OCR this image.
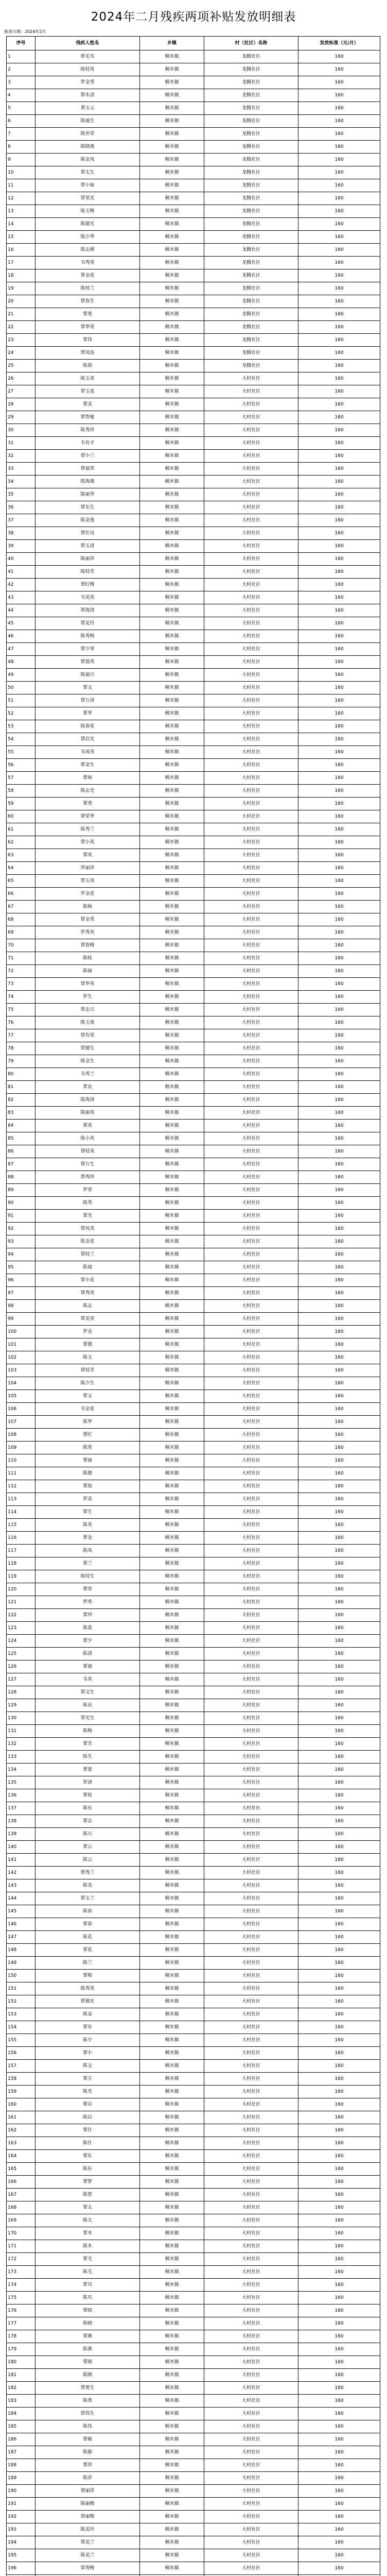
2024年二月残疾两项补贴发放明细表
制表日期：2024年2月
序号	残疾人姓名	乡镇	村（社区）名称	发放标准（元/月）
1	覃毛耳	桐木镇	龙腾社区	160
2	陈桂英	桐木镇	龙腾社区	160
3	罗金秀	桐木镇	龙腾社区	160
4	覃木清	桐木镇	龙腾社区	160
5	黄玉云	桐木镇	龙腾社区	160
6	陈福生	桐木镇	龙腾社区	160
7	陈世荣	桐木镇	龙腾社区	160
8	陈晓燕	桐木镇	龙腾社区	160
9	陈金凤	桐木镇	龙腾社区	160
10	覃太生	桐木镇	龙腾社区	160
11	覃小妹	桐木镇	龙腾社区	160
12	覃荣光	桐木镇	龙腾社区	160
13	陈玉梅	桐木镇	龙腾社区	160
14	陈德光	桐木镇	龙腾社区	160
15	陈少华	桐木镇	龙腾社区	160
16	陈志刚	桐木镇	龙腾社区	160
17	韦秀英	桐木镇	龙腾社区	160
18	覃金花	桐木镇	龙腾社区	160
19	陈桂兰	桐木镇	龙腾社区	160
20	覃春生	桐木镇	龙腾社区	160
21	覃勇	桐木镇	龙腾社区	160
22	覃华英	桐木镇	龙腾社区	160
23	覃伟	桐木镇	龙腾社区	160
24	覃凤连	桐木镇	龙腾社区	160
25	陈海	桐木镇	龙腾社区	160
26	陈玉英	桐木镇	大村社区	160
27	覃玉连	桐木镇	大村社区	160
28	覃美	桐木镇	大村社区	160
29	覃智敏	桐木镇	大村社区	160
30	陈秀珍	桐木镇	大村社区	160
31	韦有才	桐木镇	大村社区	160
32	覃小兰	桐木镇	大村社区	160
33	覃福荣	桐木镇	大村社区	160
34	陈海燕	桐木镇	大村社区	160
35	陈丽华	桐木镇	大村社区	160
36	覃东生	桐木镇	大村社区	160
37	陈金莲	桐木镇	大村社区	160
38	覃仕良	桐木镇	大村社区	160
39	覃玉清	桐木镇	大村社区	160
40	陈丽萍	桐木镇	大村社区	160
41	陈桂芳	桐木镇	大村社区	160
42	覃红梅	桐木镇	大村社区	160
43	韦美英	桐木镇	大村社区	160
44	覃海清	桐木镇	大村社区	160
45	覃美玲	桐木镇	大村社区	160
46	陈秀梅	桐木镇	大村社区	160
47	覃少荣	桐木镇	大村社区	160
48	覃莲英	桐木镇	大村社区	160
49	陈福兴	桐木镇	大村社区	160
50	覃文	桐木镇	大村社区	160
51	覃万清	桐木镇	大村社区	160
52	覃华	桐木镇	大村社区	160
53	陈春花	桐木镇	大村社区	160
54	覃启光	桐木镇	大村社区	160
55	韦凤英	桐木镇	大村社区	160
56	覃金生	桐木镇	大村社区	160
57	覃妹	桐木镇	大村社区	160
58	陈志光	桐木镇	大村社区	160
59	覃秀	桐木镇	大村社区	160
60	覃荣华	桐木镇	大村社区	160
61	陈秀兰	桐木镇	大村社区	160
62	覃小英	桐木镇	大村社区	160
63	覃凤	桐木镇	大村社区	160
64	罗丽萍	桐木镇	大村社区	160
65	覃玉凤	桐木镇	大村社区	160
66	罗金花	桐木镇	大村社区	160
67	陈妹	桐木镇	大村社区	160
68	覃金秀	桐木镇	大村社区	160
69	罗秀英	桐木镇	大村社区	160
70	覃春梅	桐木镇	大村社区	160
71	陈桂	桐木镇	大村社区	160
72	陈丽	桐木镇	大村社区	160
73	覃华英	桐木镇	大村社区	160
74	罗生	桐木镇	大村社区	160
75	覃志兴	桐木镇	大村社区	160
76	陈玉莲	桐木镇	大村社区	160
77	覃有荣	桐木镇	大村社区	160
78	覃德生	桐木镇	大村社区	160
79	陈金生	桐木镇	大村社区	160
80	韦秀兰	桐木镇	大村社区	160
81	覃良	桐木镇	大村社区	160
82	陈海清	桐木镇	大村社区	160
83	陈丽英	桐木镇	大村社区	160
84	覃英	桐木镇	大村社区	160
85	陈小英	桐木镇	大村社区	160
86	覃桂英	桐木镇	大村社区	160
87	覃万生	桐木镇	大村社区	160
88	覃秀珍	桐木镇	大村社区	160
89	罗荣	桐木镇	大村社区	160
90	陈秀	桐木镇	大村社区	160
91	覃光	桐木镇	大村社区	160
92	覃凤英	桐木镇	大村社区	160
93	陈金花	桐木镇	大村社区	160
94	覃桂兰	桐木镇	大村社区	160
95	陈福	桐木镇	大村社区	160
96	覃小花	桐木镇	大村社区	160
97	覃秀英	桐木镇	大村社区	160
98	陈志	桐木镇	大村社区	160
99	覃美英	桐木镇	大村社区	160
100	罗金	桐木镇	大村社区	160
101	覃德	桐木镇	大村社区	160
102	陈玉	桐木镇	大村社区	160
103	覃桂芳	桐木镇	大村社区	160
104	陈少生	桐木镇	大村社区	160
105	覃玉	桐木镇	大村社区	160
106	韦金花	桐木镇	大村社区	160
107	陈华	桐木镇	大村社区	160
108	覃红	桐木镇	大村社区	160
109	陈荣	桐木镇	大村社区	160
110	覃丽	桐木镇	大村社区	160
111	陈德	桐木镇	大村社区	160
112	覃海	桐木镇	大村社区	160
113	罗美	桐木镇	大村社区	160
114	覃生	桐木镇	大村社区	160
115	陈英	桐木镇	大村社区	160
116	覃金	桐木镇	大村社区	160
117	陈凤	桐木镇	大村社区	160
118	覃兰	桐木镇	大村社区	160
119	陈桂生	桐木镇	大村社区	160
120	覃荣	桐木镇	大村社区	160
121	罗秀	桐木镇	大村社区	160
122	覃珍	桐木镇	大村社区	160
123	陈莲	桐木镇	大村社区	160
124	覃少	桐木镇	大村社区	160
125	陈清	桐木镇	大村社区	160
126	覃福	桐木镇	大村社区	160
127	韦英	桐木镇	大村社区	160
128	覃文生	桐木镇	大村社区	160
129	陈良	桐木镇	大村社区	160
130	覃光生	桐木镇	大村社区	160
131	陈梅	桐木镇	大村社区	160
132	覃芳	桐木镇	大村社区	160
133	陈生	桐木镇	大村社区	160
134	覃莲	桐木镇	大村社区	160
135	罗清	桐木镇	大村社区	160
136	覃桂	桐木镇	大村社区	160
137	陈有	桐木镇	大村社区	160
138	覃志	桐木镇	大村社区	160
139	陈兴	桐木镇	大村社区	160
140	覃云	桐木镇	大村社区	160
141	陈云	桐木镇	大村社区	160
142	覃秀兰	桐木镇	大村社区	160
143	陈美	桐木镇	大村社区	160
144	覃玉兰	桐木镇	大村社区	160
145	陈春	桐木镇	大村社区	160
146	覃春	桐木镇	大村社区	160
147	陈花	桐木镇	大村社区	160
148	覃花	桐木镇	大村社区	160
149	陈兰	桐木镇	大村社区	160
150	覃梅	桐木镇	大村社区	160
151	陈秀英	桐木镇	大村社区	160
152	覃德光	桐木镇	大村社区	160
153	陈金	桐木镇	大村社区	160
154	覃有	桐木镇	大村社区	160
155	陈少	桐木镇	大村社区	160
156	覃小	桐木镇	大村社区	160
157	陈文	桐木镇	大村社区	160
158	覃万	桐木镇	大村社区	160
159	陈光	桐木镇	大村社区	160
160	覃启	桐木镇	大村社区	160
161	陈启	桐木镇	大村社区	160
162	覃仕	桐木镇	大村社区	160
163	陈仕	桐木镇	大村社区	160
164	覃东	桐木镇	大村社区	160
165	陈东	桐木镇	大村社区	160
166	覃智	桐木镇	大村社区	160
167	陈智	桐木镇	大村社区	160
168	覃太	桐木镇	大村社区	160
169	陈太	桐木镇	大村社区	160
170	覃木	桐木镇	大村社区	160
171	陈木	桐木镇	大村社区	160
172	覃毛	桐木镇	大村社区	160
173	陈毛	桐木镇	大村社区	160
174	覃耳	桐木镇	大村社区	160
175	陈耳	桐木镇	大村社区	160
176	覃晓	桐木镇	大村社区	160
177	陈晓	桐木镇	大村社区	160
178	覃燕	桐木镇	大村社区	160
179	陈燕	桐木镇	大村社区	160
180	覃刚	桐木镇	大村社区	160
181	陈刚	桐木镇	大村社区	160
182	覃勇生	桐木镇	大村社区	160
183	陈勇	桐木镇	大村社区	160
184	覃伟生	桐木镇	大村社区	160
185	陈伟	桐木镇	大村社区	160
186	覃敏	桐木镇	大村社区	160
187	陈敏	桐木镇	大村社区	160
188	覃萍	桐木镇	大村社区	160
189	陈萍	桐木镇	大村社区	160
190	覃丽萍	桐木镇	大村社区	160
191	陈丽梅	桐木镇	大村社区	160
192	覃丽梅	桐木镇	大村社区	160
193	陈美玲	桐木镇	大村社区	160
194	覃美兰	桐木镇	大村社区	160
195	陈美兰	桐木镇	大村社区	160
196	覃秀梅	桐木镇	大村社区	160
